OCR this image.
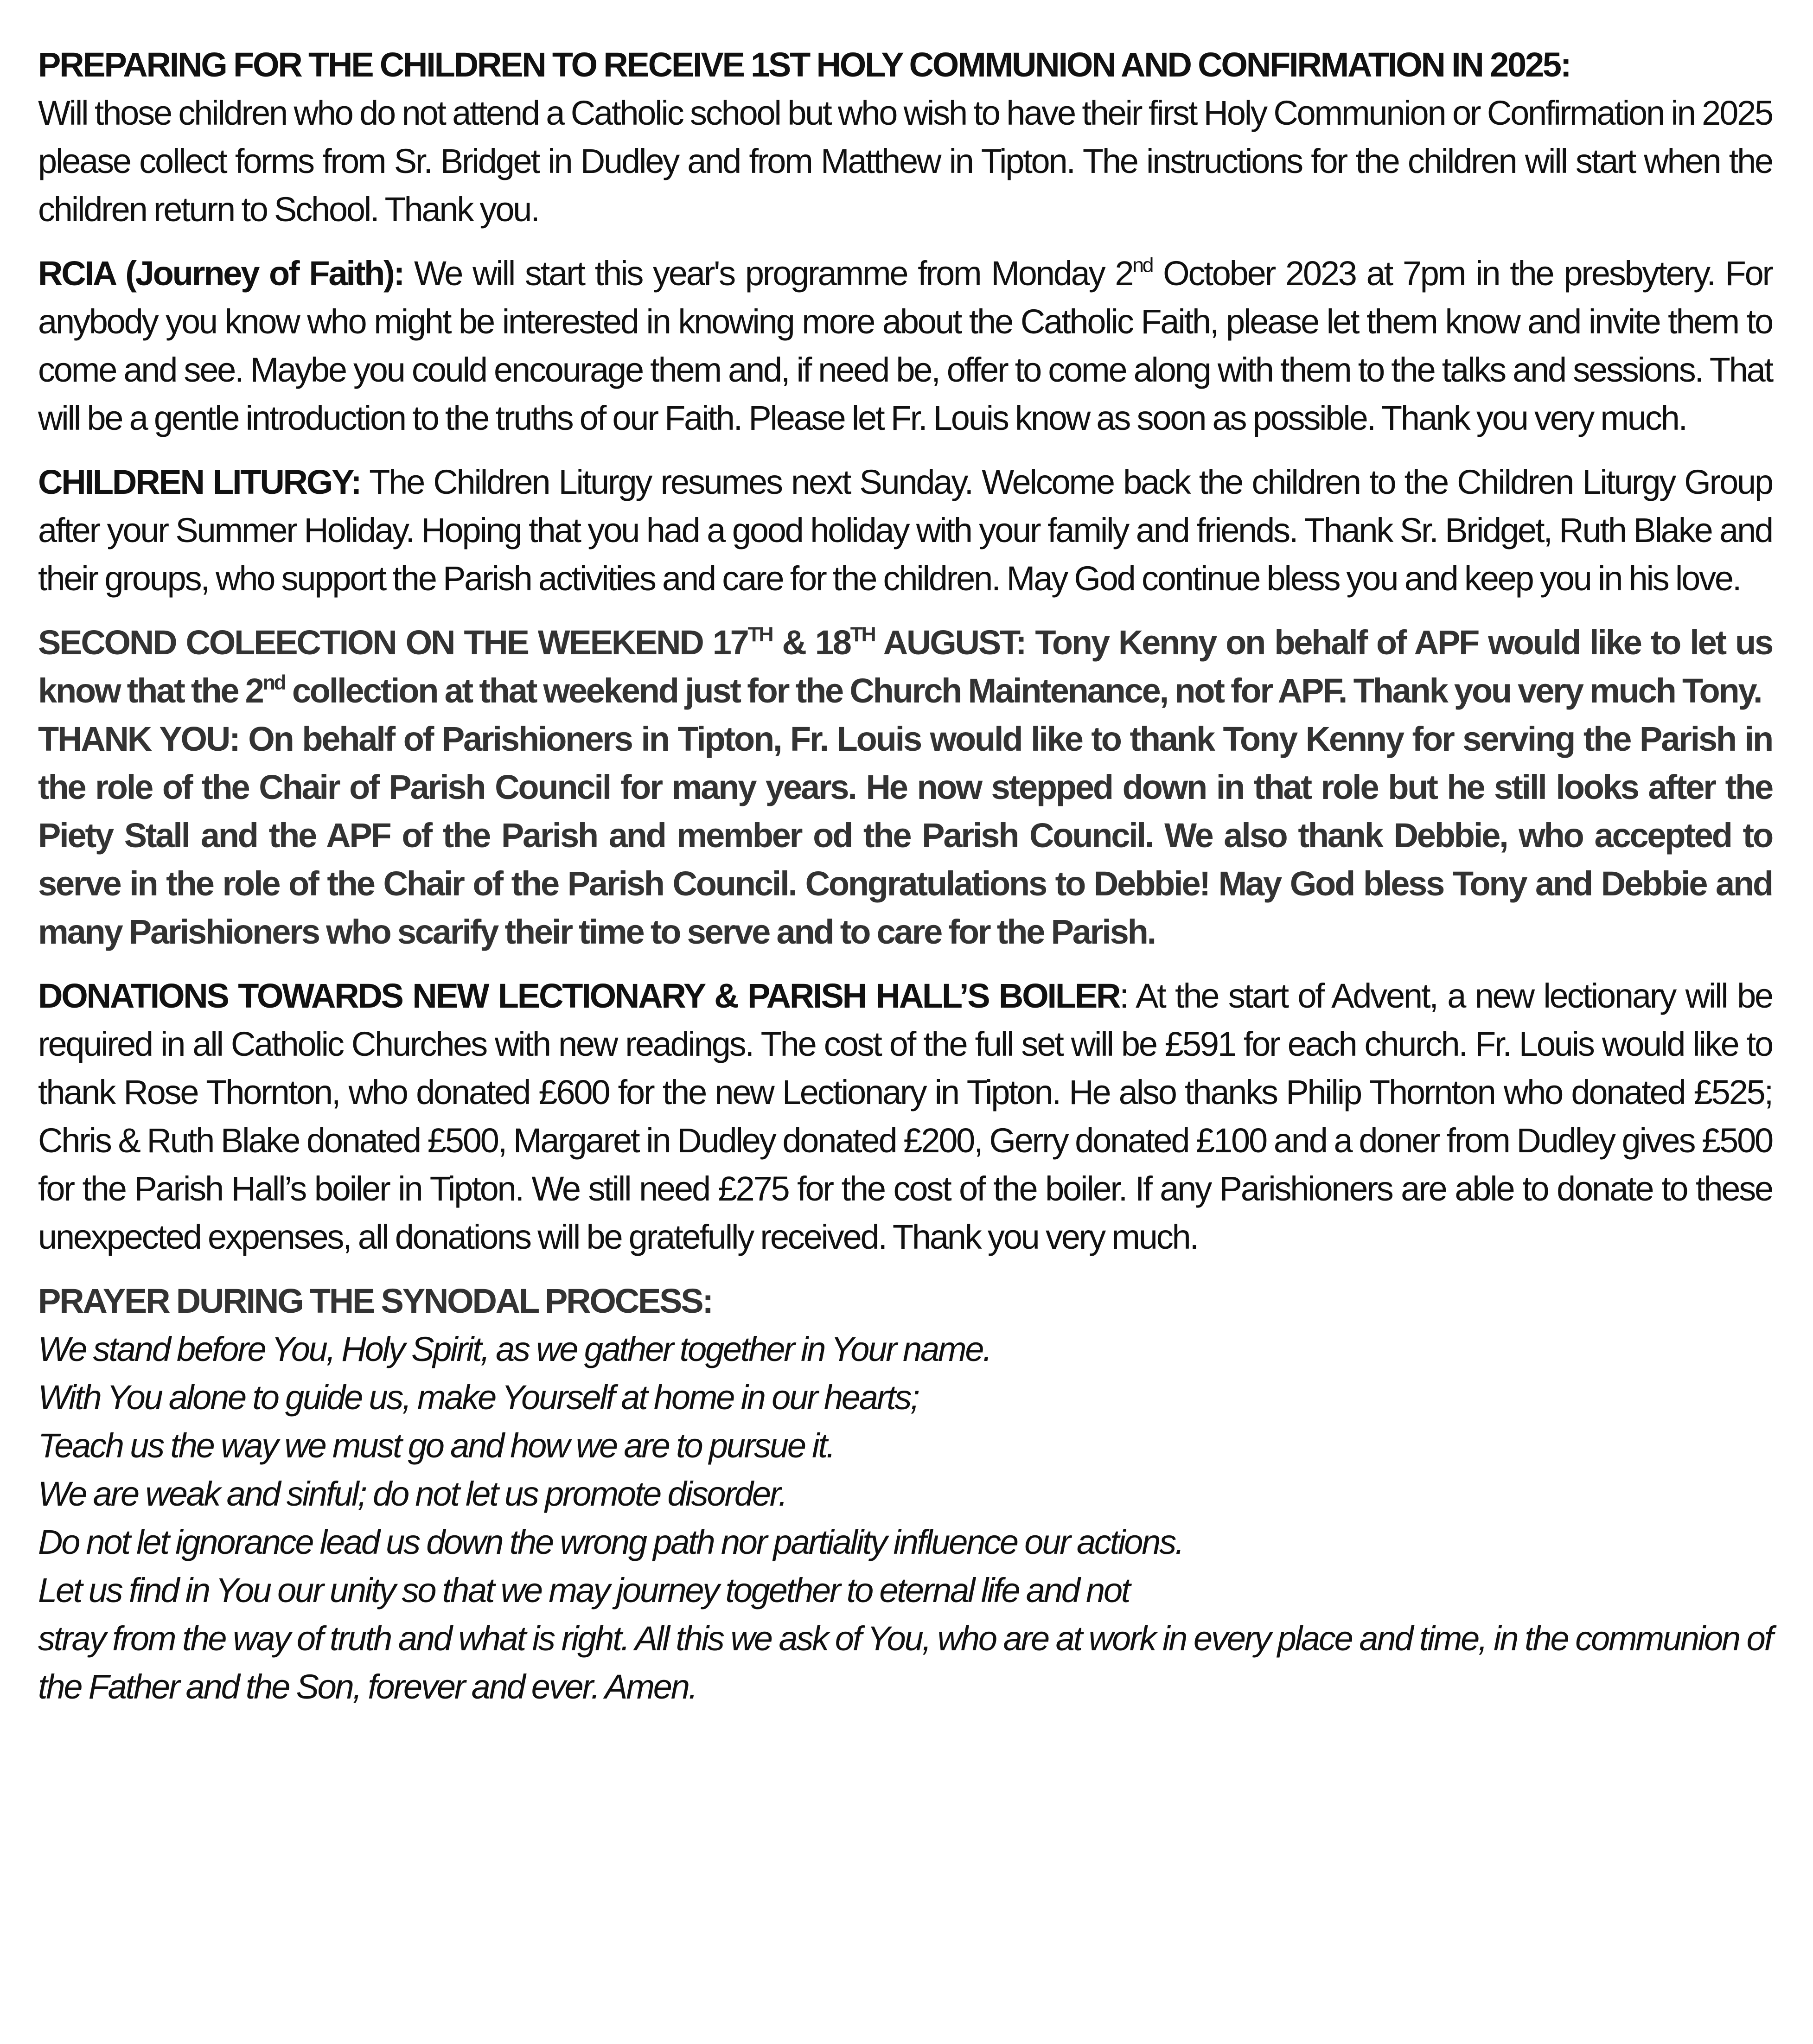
PREPARING FOR THE CHILDREN TO RECEIVE 1ST HOLY COMMUNION AND CONFIRMATION IN 2025:
Will those children who do not attend a Catholic school but who wish to have their first Holy Communion or Confirmation in 2025 please collect forms from Sr. Bridget in Dudley and from Matthew in Tipton. The instructions for the children will start when the children return to School. Thank you.

RCIA (Journey of Faith): We will start this year's programme from Monday 2nd October 2023 at 7pm in the presbytery. For anybody you know who might be interested in knowing more about the Catholic Faith, please let them know and invite them to come and see. Maybe you could encourage them and, if need be, offer to come along with them to the talks and sessions. That will be a gentle introduction to the truths of our Faith. Please let Fr. Louis know as soon as possible. Thank you very much.

CHILDREN LITURGY: The Children Liturgy resumes next Sunday. Welcome back the children to the Children Liturgy Group after your Summer Holiday. Hoping that you had a good holiday with your family and friends. Thank Sr. Bridget, Ruth Blake and their groups, who support the Parish activities and care for the children. May God continue bless you and keep you in his love.

SECOND COLEECTION ON THE WEEKEND 17TH & 18TH AUGUST: Tony Kenny on behalf of APF would like to let us know that the 2nd collection at that weekend just for the Church Maintenance, not for APF. Thank you very much Tony.

THANK YOU: On behalf of Parishioners in Tipton, Fr. Louis would like to thank Tony Kenny for serving the Parish in the role of the Chair of Parish Council for many years. He now stepped down in that role but he still looks after the Piety Stall and the APF of the Parish and member od the Parish Council. We also thank Debbie, who accepted to serve in the role of the Chair of the Parish Council. Congratulations to Debbie! May God bless Tony and Debbie and many Parishioners who scarify their time to serve and to care for the Parish.

DONATIONS TOWARDS NEW LECTIONARY & PARISH HALL’S BOILER: At the start of Advent, a new lectionary will be required in all Catholic Churches with new readings. The cost of the full set will be £591 for each church. Fr. Louis would like to thank Rose Thornton, who donated £600 for the new Lectionary in Tipton. He also thanks Philip Thornton who donated £525; Chris & Ruth Blake donated £500, Margaret in Dudley donated £200, Gerry donated £100 and a doner from Dudley gives £500 for the Parish Hall’s boiler in Tipton. We still need £275 for the cost of the boiler. If any Parishioners are able to donate to these unexpected expenses, all donations will be gratefully received. Thank you very much.

PRAYER DURING THE SYNODAL PROCESS:
We stand before You, Holy Spirit, as we gather together in Your name.
With You alone to guide us, make Yourself at home in our hearts;
Teach us the way we must go and how we are to pursue it.
We are weak and sinful; do not let us promote disorder.
Do not let ignorance lead us down the wrong path nor partiality influence our actions.
Let us find in You our unity so that we may journey together to eternal life and not
stray from the way of truth and what is right. All this we ask of You, who are at work in every place and time, in the communion of the Father and the Son, forever and ever. Amen.
